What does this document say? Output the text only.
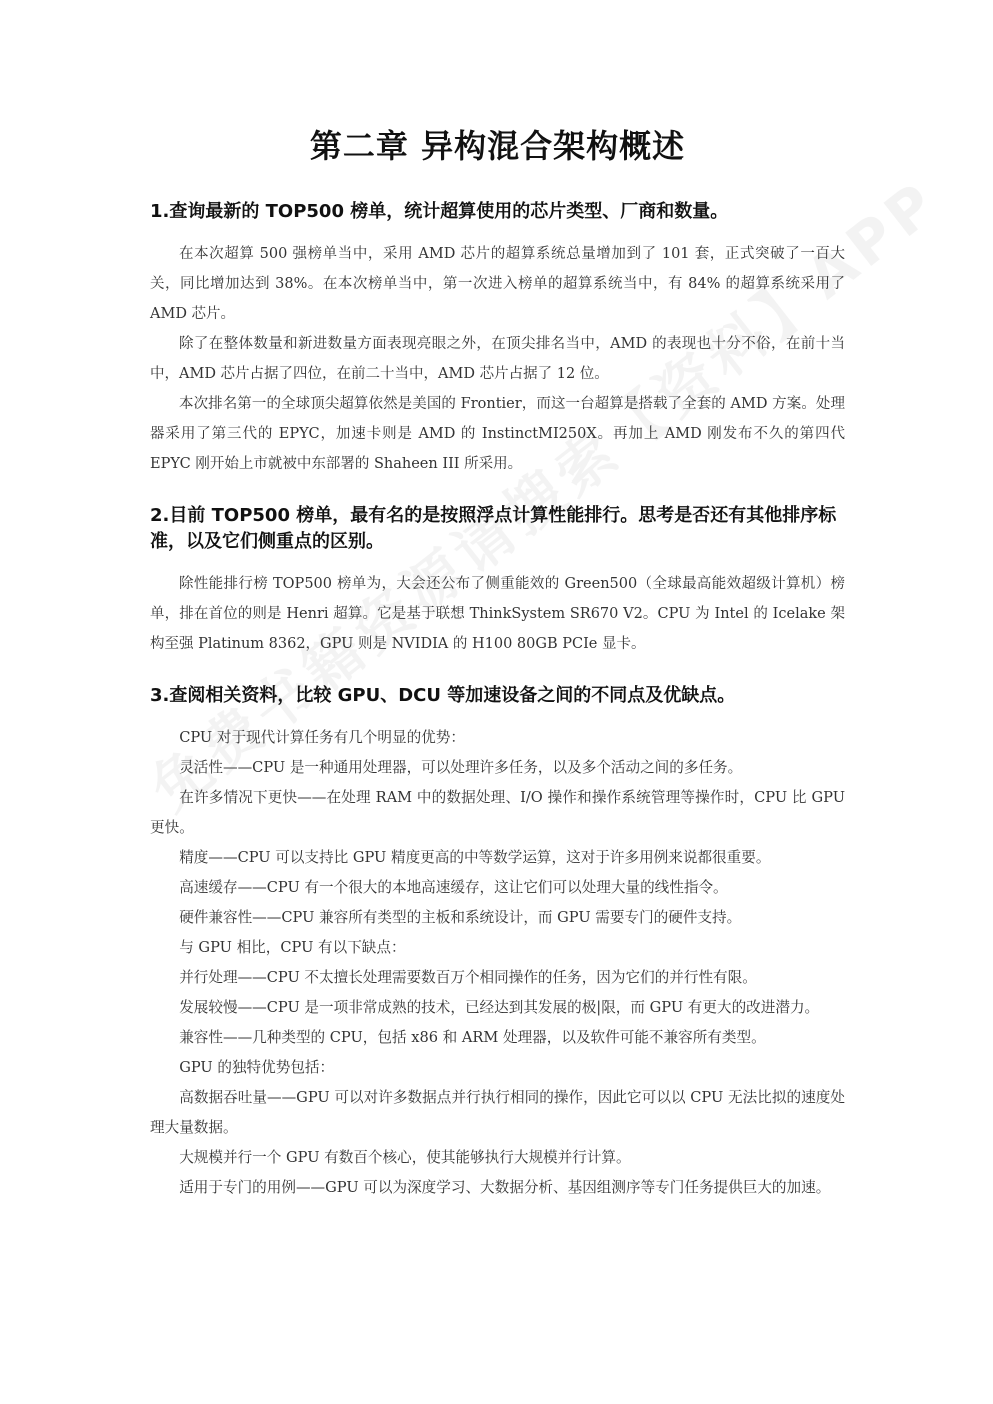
第二章 异构混合架构概述
1.查询最新的 TOP500 榜单，统计超算使用的芯片类型、厂商和数量。

在本次超算 500 强榜单当中，采用 AMD 芯片的超算系统总量增加到了 101 套，正式突破了一百大关，同比增加达到 38%。在本次榜单当中，第一次进入榜单的超算系统当中，有 84% 的超算系统采用了 AMD 芯片。

除了在整体数量和新进数量方面表现亮眼之外，在顶尖排名当中，AMD 的表现也十分不俗，在前十当中，AMD 芯片占据了四位，在前二十当中，AMD 芯片占据了 12 位。

本次排名第一的全球顶尖超算依然是美国的 Frontier，而这一台超算是搭载了全套的 AMD 方案。处理器采用了第三代的 EPYC，加速卡则是 AMD 的 InstinctMI250X。再加上 AMD 刚发布不久的第四代 EPYC 刚开始上市就被中东部署的 Shaheen III 所采用。

2.目前 TOP500 榜单，最有名的是按照浮点计算性能排行。思考是否还有其他排序标准，以及它们侧重点的区别。

除性能排行榜 TOP500 榜单为，大会还公布了侧重能效的 Green500（全球最高能效超级计算机）榜单，排在首位的则是 Henri 超算。它是基于联想 ThinkSystem SR670 V2。CPU 为 Intel 的 Icelake 架构至强 Platinum 8362，GPU 则是 NVIDIA 的 H100 80GB PCIe 显卡。

3.查阅相关资料，比较 GPU、DCU 等加速设备之间的不同点及优缺点。

CPU 对于现代计算任务有几个明显的优势：

灵活性——CPU 是一种通用处理器，可以处理许多任务，以及多个活动之间的多任务。

在许多情况下更快——在处理 RAM 中的数据处理、I/O 操作和操作系统管理等操作时，CPU 比 GPU 更快。

精度——CPU 可以支持比 GPU 精度更高的中等数学运算，这对于许多用例来说都很重要。

高速缓存——CPU 有一个很大的本地高速缓存，这让它们可以处理大量的线性指令。

硬件兼容性——CPU 兼容所有类型的主板和系统设计，而 GPU 需要专门的硬件支持。

与 GPU 相比，CPU 有以下缺点：

并行处理——CPU 不太擅长处理需要数百万个相同操作的任务，因为它们的并行性有限。

发展较慢——CPU 是一项非常成熟的技术，已经达到其发展的极|限，而 GPU 有更大的改进潜力。

兼容性——几种类型的 CPU，包括 x86 和 ARM 处理器，以及软件可能不兼容所有类型。

GPU 的独特优势包括：

高数据吞吐量——GPU 可以对许多数据点并行执行相同的操作，因此它可以以 CPU 无法比拟的速度处理大量数据。

大规模并行一个 GPU 有数百个核心，使其能够执行大规模并行计算。

适用于专门的用例——GPU 可以为深度学习、大数据分析、基因组测序等专门任务提供巨大的加速。
